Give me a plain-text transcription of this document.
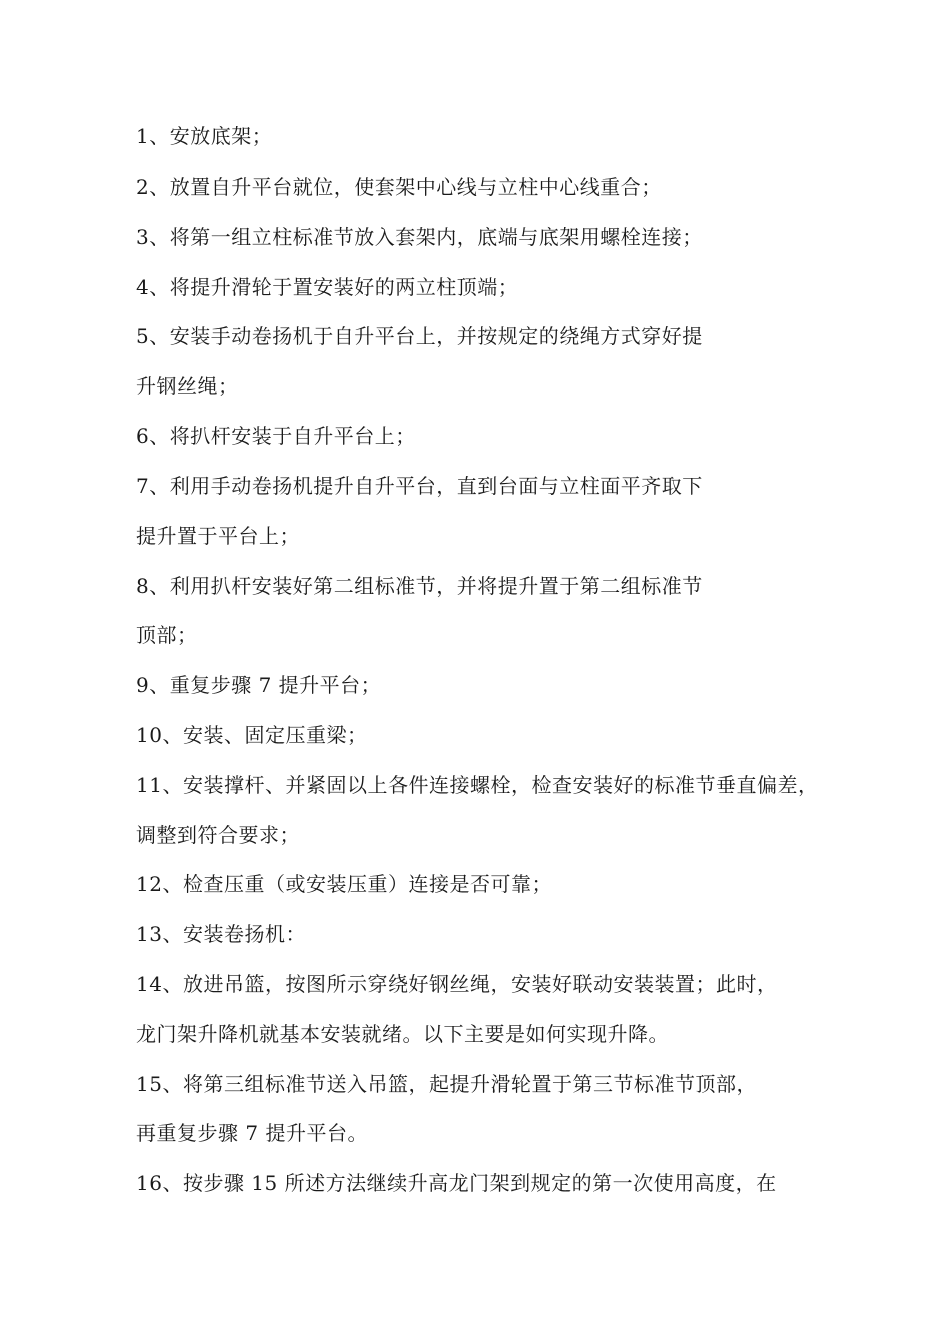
1、安放底架；
2、放置自升平台就位，使套架中心线与立柱中心线重合；
3、将第一组立柱标准节放入套架内，底端与底架用螺栓连接；
4、将提升滑轮于置安装好的两立柱顶端；
5、安装手动卷扬机于自升平台上，并按规定的绕绳方式穿好提
升钢丝绳；
6、将扒杆安装于自升平台上；
7、利用手动卷扬机提升自升平台，直到台面与立柱面平齐取下
提升置于平台上；
8、利用扒杆安装好第二组标准节，并将提升置于第二组标准节
顶部；
9、重复步骤 7 提升平台；
10、安装、固定压重梁；
11、安装撑杆、并紧固以上各件连接螺栓，检查安装好的标准节垂直偏差，
调整到符合要求；
12、检查压重（或安装压重）连接是否可靠；
13、安装卷扬机：
14、放进吊篮，按图所示穿绕好钢丝绳，安装好联动安装装置；此时，
龙门架升降机就基本安装就绪。以下主要是如何实现升降。
15、将第三组标准节送入吊篮，起提升滑轮置于第三节标准节顶部，
再重复步骤 7 提升平台。
16、按步骤 15 所述方法继续升高龙门架到规定的第一次使用高度，在
